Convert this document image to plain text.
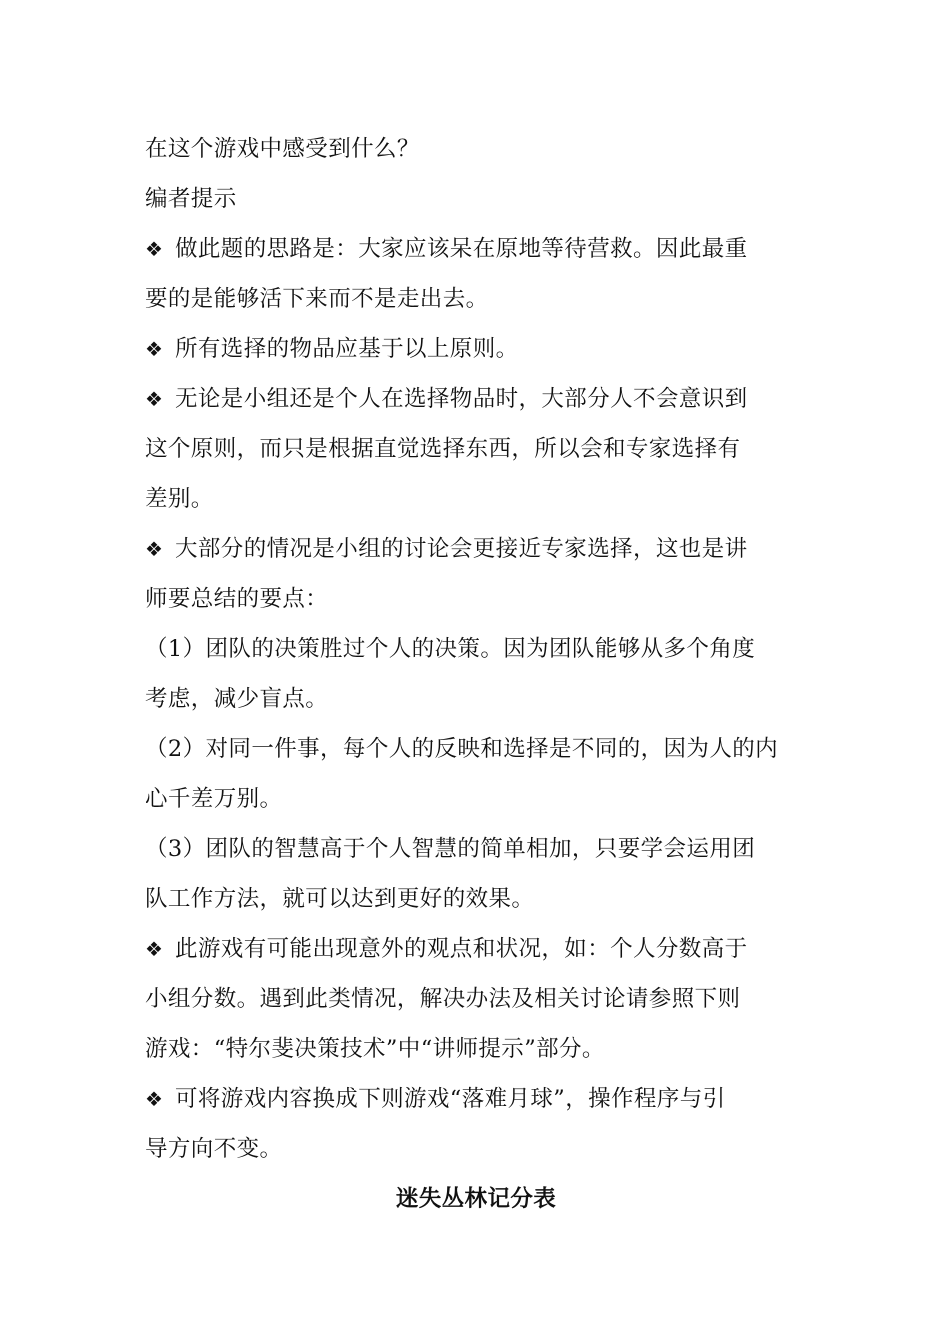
在这个游戏中感受到什么？
编者提示
❖ 做此题的思路是：大家应该呆在原地等待营救。因此最重
要的是能够活下来而不是走出去。
❖ 所有选择的物品应基于以上原则。
❖ 无论是小组还是个人在选择物品时，大部分人不会意识到
这个原则，而只是根据直觉选择东西，所以会和专家选择有
差别。
❖ 大部分的情况是小组的讨论会更接近专家选择，这也是讲
师要总结的要点：
（1）团队的决策胜过个人的决策。因为团队能够从多个角度
考虑，减少盲点。
（2）对同一件事，每个人的反映和选择是不同的，因为人的内
心千差万别。
（3）团队的智慧高于个人智慧的简单相加，只要学会运用团
队工作方法，就可以达到更好的效果。
❖ 此游戏有可能出现意外的观点和状况，如：个人分数高于
小组分数。遇到此类情况，解决办法及相关讨论请参照下则
游戏：“特尔斐决策技术”中“讲师提示”部分。
❖ 可将游戏内容换成下则游戏“落难月球”，操作程序与引
导方向不变。
迷失丛林记分表
